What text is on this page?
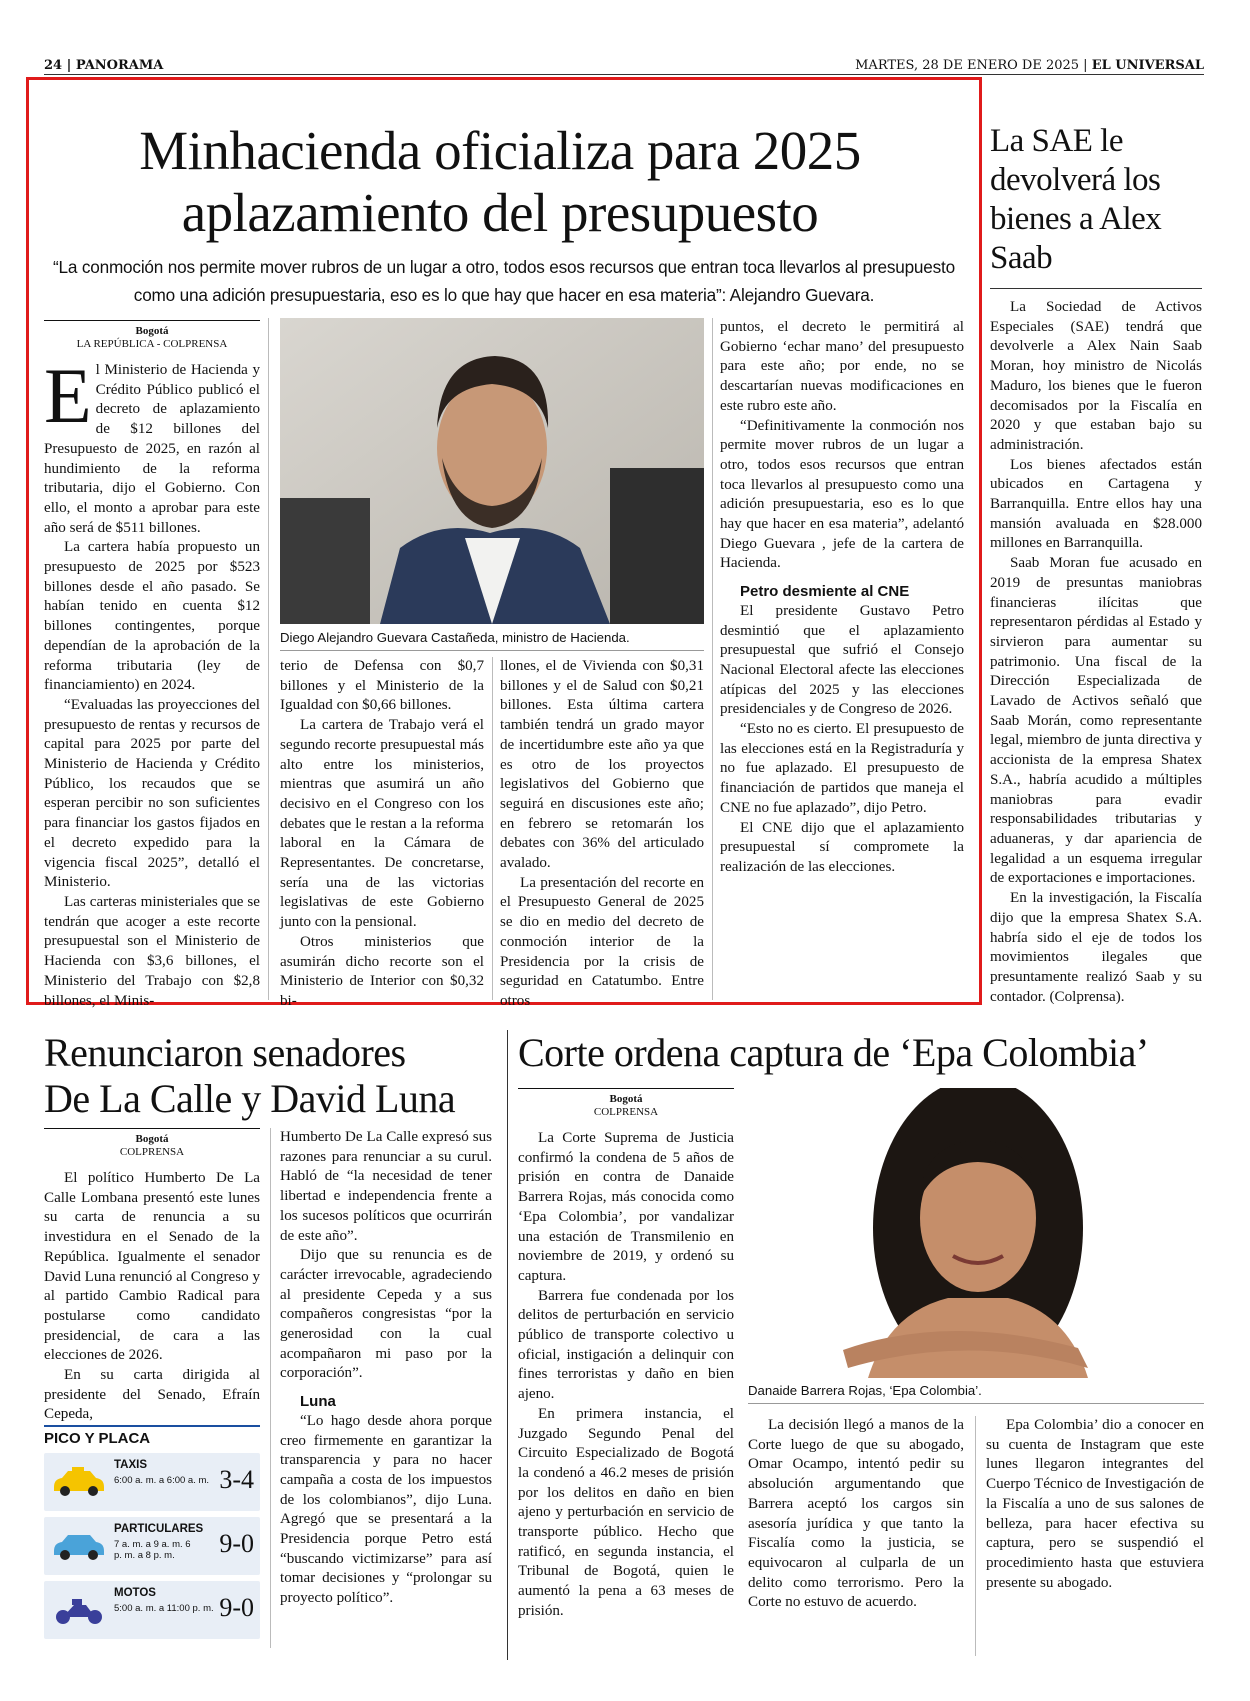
24 | PANORAMA	MARTES, 28 DE ENERO DE 2025 | EL UNIVERSAL
Minhacienda oficializa para 2025
aplazamiento del presupuesto
“La conmoción nos permite mover rubros de un lugar a otro, todos esos recursos que entran toca llevarlos al presupuesto como una adición presupuestaria, eso es lo que hay que hacer en esa materia”: Alejandro Guevara.
Bogotá
LA REPÚBLICA - COLPRENSA

El Ministerio de Hacienda y Crédito Público publicó el decreto de aplazamiento de $12 billones del Presupuesto de 2025, en razón al hundimiento de la reforma tributaria, dijo el Gobierno. Con ello, el monto a aprobar para este año será de $511 billones.

La cartera había propuesto un presupuesto de 2025 por $523 billones desde el año pasado. Se habían tenido en cuenta $12 billones contingentes, porque dependían de la aprobación de la reforma tributaria (ley de financiamiento) en 2024.

“Evaluadas las proyecciones del presupuesto de rentas y recursos de capital para 2025 por parte del Ministerio de Hacienda y Crédito Público, los recaudos que se esperan percibir no son suficientes para financiar los gastos fijados en el decreto expedido para la vigencia fiscal 2025”, detalló el Ministerio.

Las carteras ministeriales que se tendrán que acoger a este recorte presupuestal son el Ministerio de Hacienda con $3,6 billones, el Ministerio del Trabajo con $2,8 billones, el Minis-

Diego Alejandro Guevara Castañeda, ministro de Hacienda.

terio de Defensa con $0,7 billones y el Ministerio de la Igualdad con $0,66 billones.

La cartera de Trabajo verá el segundo recorte presupuestal más alto entre los ministerios, mientras que asumirá un año decisivo en el Congreso con los debates que le restan a la reforma laboral en la Cámara de Representantes. De concretarse, sería una de las victorias legislativas de este Gobierno junto con la pensional.

Otros ministerios que asumirán dicho recorte son el Ministerio de Interior con $0,32 bi-

llones, el de Vivienda con $0,31 billones y el de Salud con $0,21 billones. Esta última cartera también tendrá un grado mayor de incertidumbre este año ya que es otro de los proyectos legislativos del Gobierno que seguirá en discusiones este año; en febrero se retomarán los debates con 36% del articulado avalado.

La presentación del recorte en el Presupuesto General de 2025 se dio en medio del decreto de conmoción interior de la Presidencia por la crisis de seguridad en Catatumbo. Entre otros

puntos, el decreto le permitirá al Gobierno ‘echar mano’ del presupuesto para este año; por ende, no se descartarían nuevas modificaciones en este rubro este año.

“Definitivamente la conmoción nos permite mover rubros de un lugar a otro, todos esos recursos que entran toca llevarlos al presupuesto como una adición presupuestaria, eso es lo que hay que hacer en esa materia”, adelantó Diego Guevara , jefe de la cartera de Hacienda.

Petro desmiente al CNE

El presidente Gustavo Petro desmintió que el aplazamiento presupuestal que sufrió el Consejo Nacional Electoral afecte las elecciones atípicas del 2025 y las elecciones presidenciales y de Congreso de 2026.

“Esto no es cierto. El presupuesto de las elecciones está en la Registraduría y no fue aplazado. El presupuesto de financiación de partidos que maneja el CNE no fue aplazado”, dijo Petro.

El CNE dijo que el aplazamiento presupuestal sí compromete la realización de las elecciones.

La SAE le devolverá los bienes a Alex Saab

La Sociedad de Activos Especiales (SAE) tendrá que devolverle a Alex Nain Saab Moran, hoy ministro de Nicolás Maduro, los bienes que le fueron decomisados por la Fiscalía en 2020 y que estaban bajo su administración.

Los bienes afectados están ubicados en Cartagena y Barranquilla. Entre ellos hay una mansión avaluada en $28.000 millones en Barranquilla.

Saab Moran fue acusado en 2019 de presuntas maniobras financieras ilícitas que representaron pérdidas al Estado y sirvieron para aumentar su patrimonio. Una fiscal de la Dirección Especializada de Lavado de Activos señaló que Saab Morán, como representante legal, miembro de junta directiva y accionista de la empresa Shatex S.A., habría acudido a múltiples maniobras para evadir responsabilidades tributarias y aduaneras, y dar apariencia de legalidad a un esquema irregular de exportaciones e importaciones.

En la investigación, la Fiscalía dijo que la empresa Shatex S.A. habría sido el eje de todos los movimientos ilegales que presuntamente realizó Saab y su contador. (Colprensa).

Renunciaron senadores
De La Calle y David Luna
Bogotá
COLPRENSA

El político Humberto De La Calle Lombana presentó este lunes su carta de renuncia a su investidura en el Senado de la República. Igualmente el senador David Luna renunció al Congreso y al partido Cambio Radical para postularse como candidato presidencial, de cara a las elecciones de 2026.

En su carta dirigida al presidente del Senado, Efraín Cepeda,

Humberto De La Calle expresó sus razones para renunciar a su curul. Habló de “la necesidad de tener libertad e independencia frente a los sucesos políticos que ocurrirán de este año”.

Dijo que su renuncia es de carácter irrevocable, agradeciendo al presidente Cepeda y a sus compañeros congresistas “por la generosidad con la cual acompañaron mi paso por la corporación”.

Luna

“Lo hago desde ahora porque creo firmemente en garantizar la transparencia y para no hacer campaña a costa de los impuestos de los colombianos”, dijo Luna. Agregó que se presentará a la Presidencia porque Petro está “buscando victimizarse” para así tomar decisiones y “prolongar su proyecto político”.

PICO Y PLACA
TAXIS
6:00 a. m. a 6:00 a. m. 3-4
PARTICULARES
7 a. m. a 9 a. m. 6 p. m. a 8 p. m.	9-0
MOTOS
5:00 a. m. a 11:00 p. m. 9-0
Corte ordena captura de ‘Epa Colombia’
Bogotá
COLPRENSA

La Corte Suprema de Justicia confirmó la condena de 5 años de prisión en contra de Danaide Barrera Rojas, más conocida como ‘Epa Colombia’, por vandalizar una estación de Transmilenio en noviembre de 2019, y ordenó su captura.

Barrera fue condenada por los delitos de perturbación en servicio público de transporte colectivo u oficial, instigación a delinquir con fines terroristas y daño en bien ajeno.

En primera instancia, el Juzgado Segundo Penal del Circuito Especializado de Bogotá la condenó a 46.2 meses de prisión por los delitos en daño en bien ajeno y perturbación en servicio de transporte público. Hecho que ratificó, en segunda instancia, el Tribunal de Bogotá, quien le aumentó la pena a 63 meses de prisión.

Danaide Barrera Rojas, ‘Epa Colombia’.

La decisión llegó a manos de la Corte luego de que su abogado, Omar Ocampo, intentó pedir su absolución argumentando que Barrera aceptó los cargos sin asesoría jurídica y que tanto la Fiscalía como la justicia, se equivocaron al culparla de un delito como terrorismo. Pero la Corte no estuvo de acuerdo.

Epa Colombia’ dio a conocer en su cuenta de Instagram que este lunes llegaron integrantes del Cuerpo Técnico de Investigación de la Fiscalía a uno de sus salones de belleza, para hacer efectiva su captura, pero se suspendió el procedimiento hasta que estuviera presente su abogado.
